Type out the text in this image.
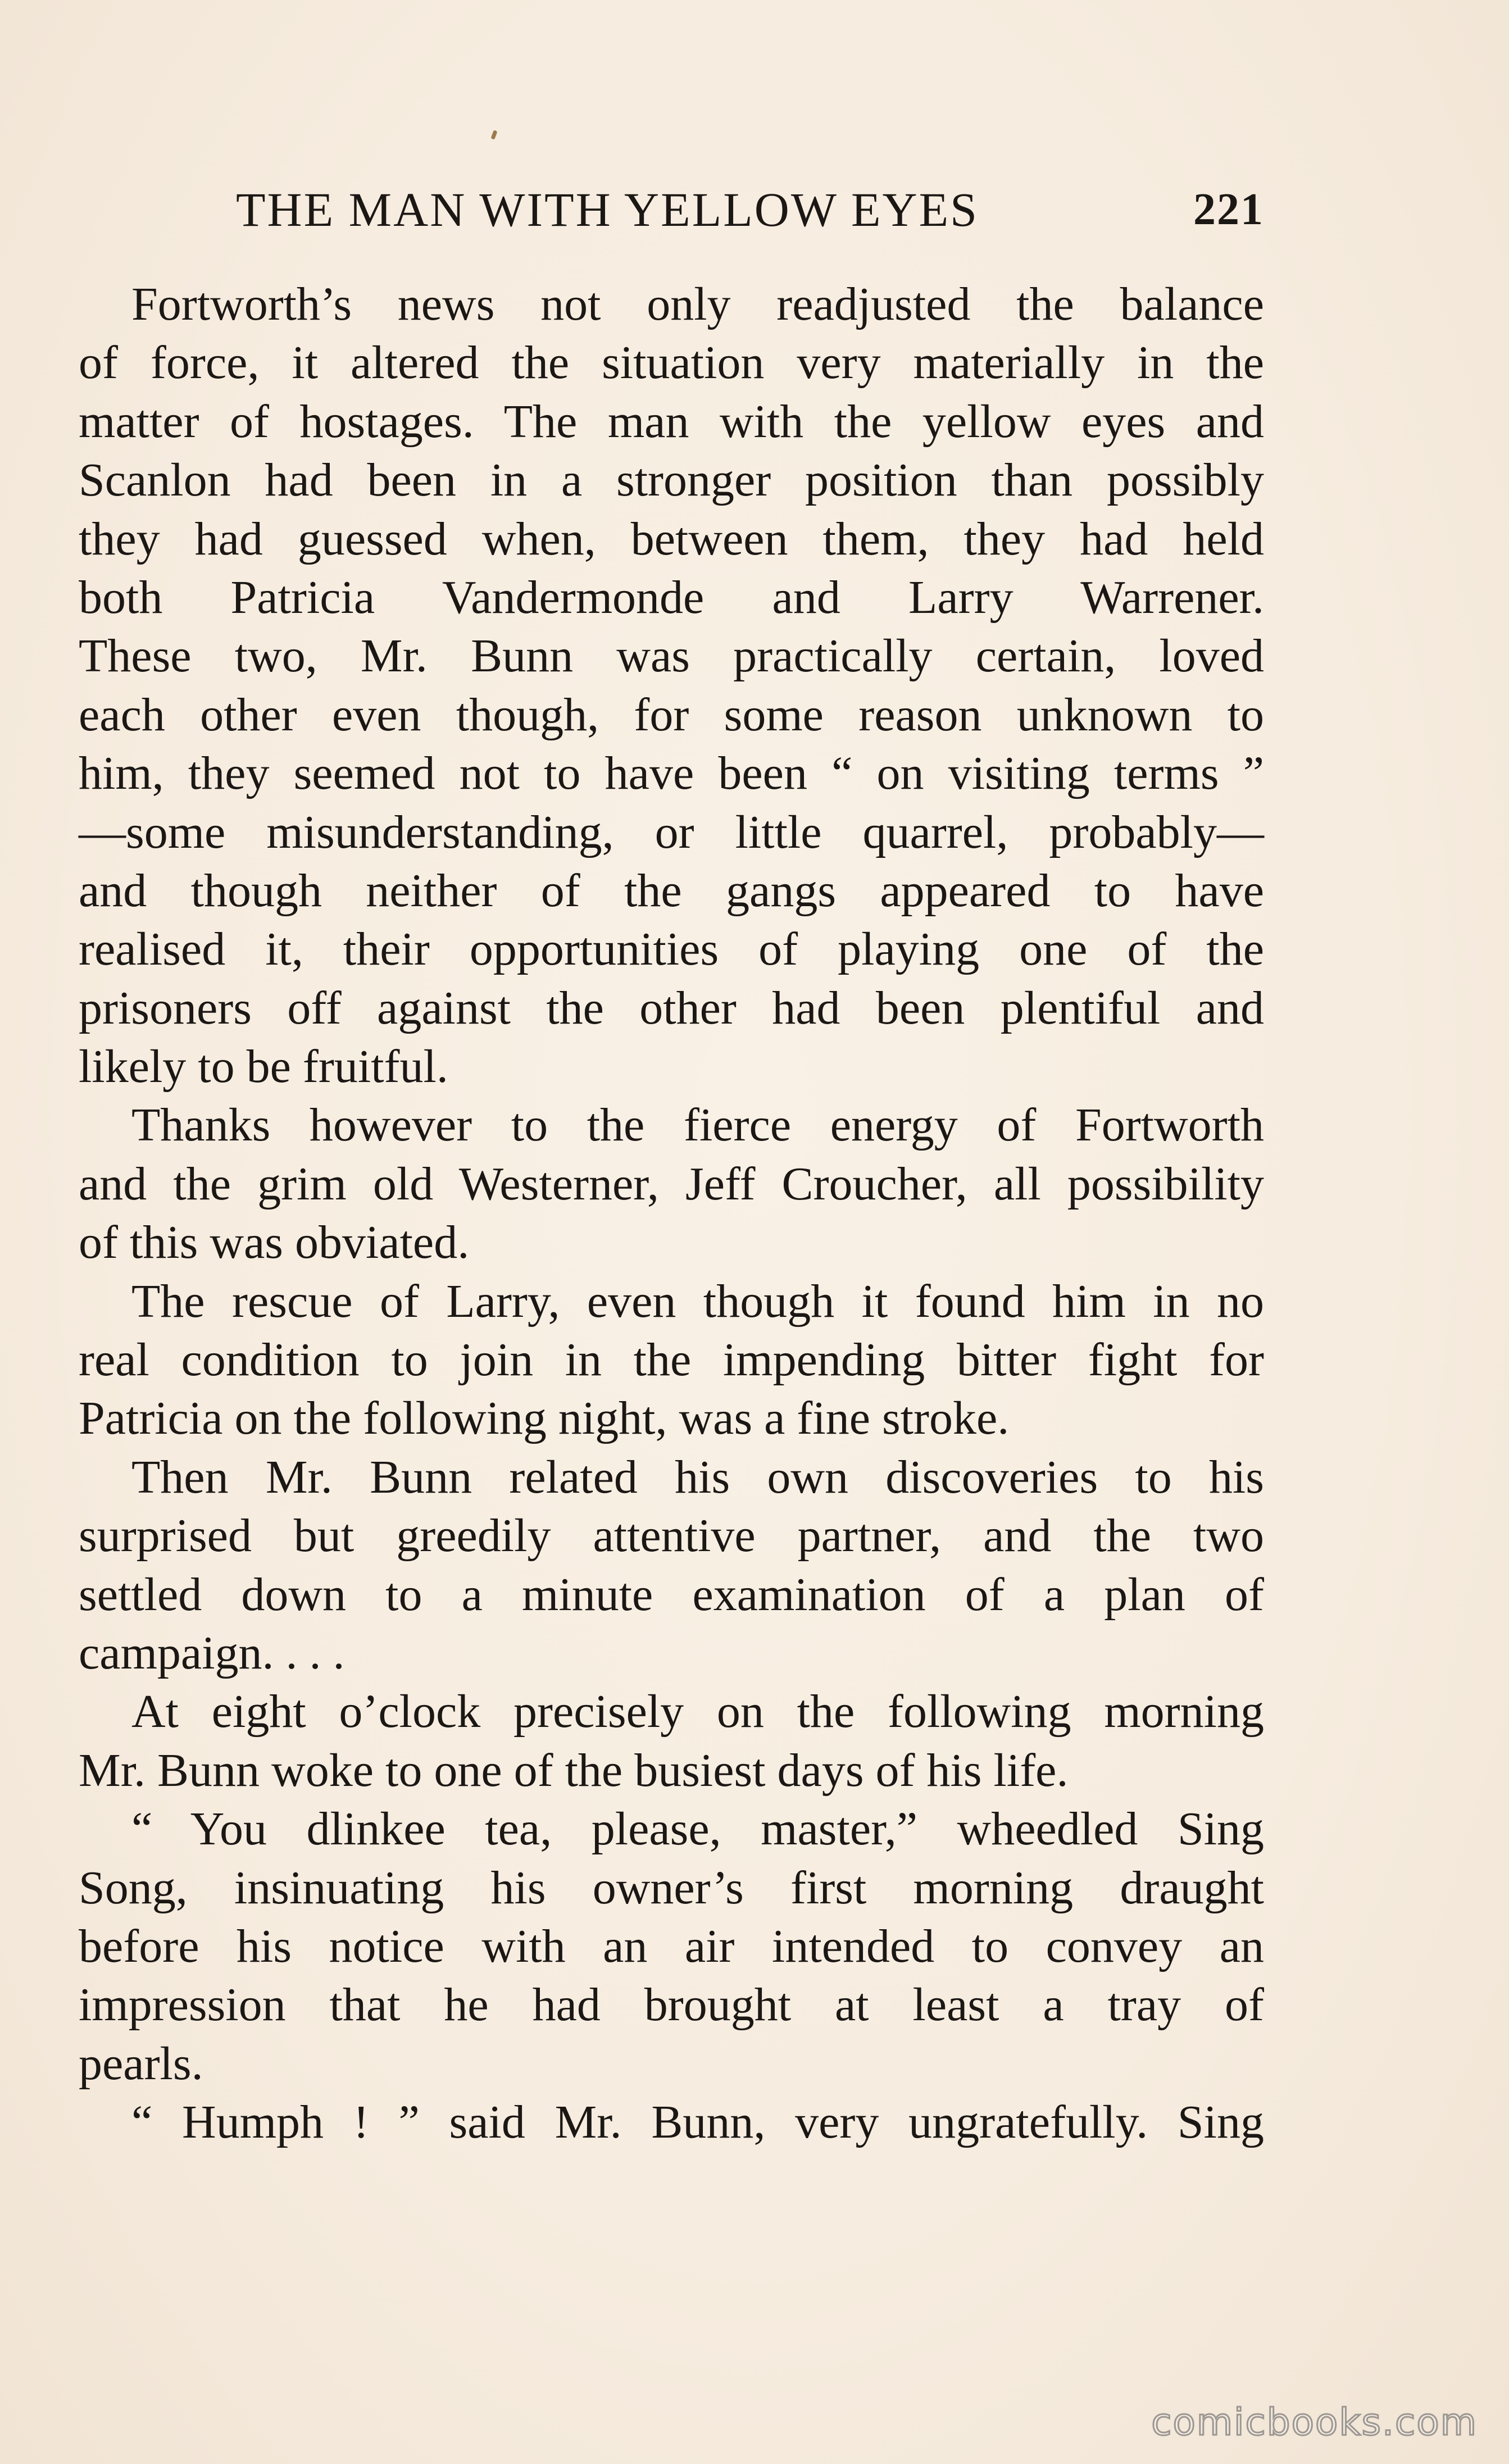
THE MAN WITH YELLOW EYES	221
Fortworth’s news not only readjusted the balance
of force, it altered the situation very materially in the
matter of hostages. The man with the yellow eyes and
Scanlon had been in a stronger position than possibly
they had guessed when, between them, they had held
both Patricia Vandermonde and Larry Warrener.
These two, Mr. Bunn was practically certain, loved
each other even though, for some reason unknown to
him, they seemed not to have been “ on visiting terms ”
—some misunderstanding, or little quarrel, probably—
and though neither of the gangs appeared to have
realised it, their opportunities of playing one of the
prisoners off against the other had been plentiful and
likely to be fruitful.
Thanks however to the fierce energy of Fortworth
and the grim old Westerner, Jeff Croucher, all possibility
of this was obviated.
The rescue of Larry, even though it found him in no
real condition to join in the impending bitter fight for
Patricia on the following night, was a fine stroke.
Then Mr. Bunn related his own discoveries to his
surprised but greedily attentive partner, and the two
settled down to a minute examination of a plan of
campaign. . . .
At eight o’clock precisely on the following morning
Mr. Bunn woke to one of the busiest days of his life.
“ You dlinkee tea, please, master,” wheedled Sing
Song, insinuating his owner’s first morning draught
before his notice with an air intended to convey an
impression that he had brought at least a tray of
pearls.
“ Humph ! ” said Mr. Bunn, very ungratefully. Sing
comicbooks.com
